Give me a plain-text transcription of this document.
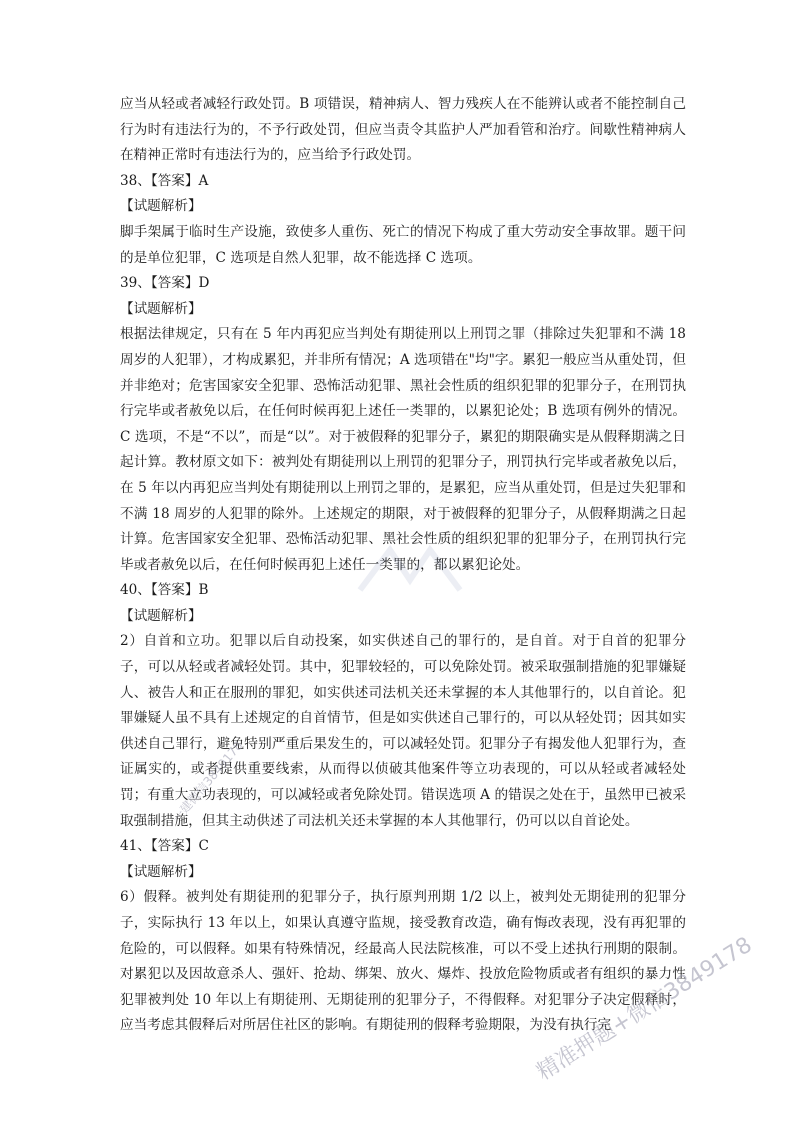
应当从轻或者减轻行政处罚。B 项错误，精神病人、智力残疾人在不能辨认或者不能控制自己行为时有违法行为的，不予行政处罚，但应当责令其监护人严加看管和治疗。间歇性精神病人在精神正常时有违法行为的，应当给予行政处罚。

38、【答案】A

【试题解析】

脚手架属于临时生产设施，致使多人重伤、死亡的情况下构成了重大劳动安全事故罪。题干问的是单位犯罪，C 选项是自然人犯罪，故不能选择 C 选项。

39、【答案】D

【试题解析】

根据法律规定，只有在 5 年内再犯应当判处有期徒刑以上刑罚之罪（排除过失犯罪和不满 18 周岁的人犯罪），才构成累犯，并非所有情况；A 选项错在"均"字。累犯一般应当从重处罚，但并非绝对；危害国家安全犯罪、恐怖活动犯罪、黑社会性质的组织犯罪的犯罪分子，在刑罚执行完毕或者赦免以后，在任何时候再犯上述任一类罪的，以累犯论处；B 选项有例外的情况。C 选项，不是“不以”，而是“以”。对于被假释的犯罪分子，累犯的期限确实是从假释期满之日起计算。教材原文如下：被判处有期徒刑以上刑罚的犯罪分子，刑罚执行完毕或者赦免以后，在 5 年以内再犯应当判处有期徒刑以上刑罚之罪的，是累犯，应当从重处罚，但是过失犯罪和不满 18 周岁的人犯罪的除外。上述规定的期限，对于被假释的犯罪分子，从假释期满之日起计算。危害国家安全犯罪、恐怖活动犯罪、黑社会性质的组织犯罪的犯罪分子，在刑罚执行完毕或者赦免以后，在任何时候再犯上述任一类罪的，都以累犯论处。

40、【答案】B

【试题解析】

2）自首和立功。犯罪以后自动投案，如实供述自己的罪行的，是自首。对于自首的犯罪分子，可以从轻或者减轻处罚。其中，犯罪较轻的，可以免除处罚。被采取强制措施的犯罪嫌疑人、被告人和正在服刑的罪犯，如实供述司法机关还未掌握的本人其他罪行的，以自首论。犯罪嫌疑人虽不具有上述规定的自首情节，但是如实供述自己罪行的，可以从轻处罚；因其如实供述自己罪行，避免特别严重后果发生的，可以减轻处罚。犯罪分子有揭发他人犯罪行为，查证属实的，或者提供重要线索，从而得以侦破其他案件等立功表现的，可以从轻或者减轻处罚；有重大立功表现的，可以减轻或者免除处罚。错误选项 A 的错误之处在于，虽然甲已被采取强制措施，但其主动供述了司法机关还未掌握的本人其他罪行，仍可以以自首论处。

41、【答案】C

【试题解析】

6）假释。被判处有期徒刑的犯罪分子，执行原判刑期 1/2 以上，被判处无期徒刑的犯罪分子，实际执行 13 年以上，如果认真遵守监规，接受教育改造，确有悔改表现，没有再犯罪的危险的，可以假释。如果有特殊情况，经最高人民法院核准，可以不受上述执行刑期的限制。对累犯以及因故意杀人、强奸、抢劫、绑架、放火、爆炸、投放危险物质或者有组织的暴力性犯罪被判处 10 年以上有期徒刑、无期徒刑的犯罪分子，不得假释。对犯罪分子决定假释时，应当考虑其假释后对所居住社区的影响。有期徒刑的假释考验期限，为没有执行完

一建微信3849178
精准押题+微信3849178
